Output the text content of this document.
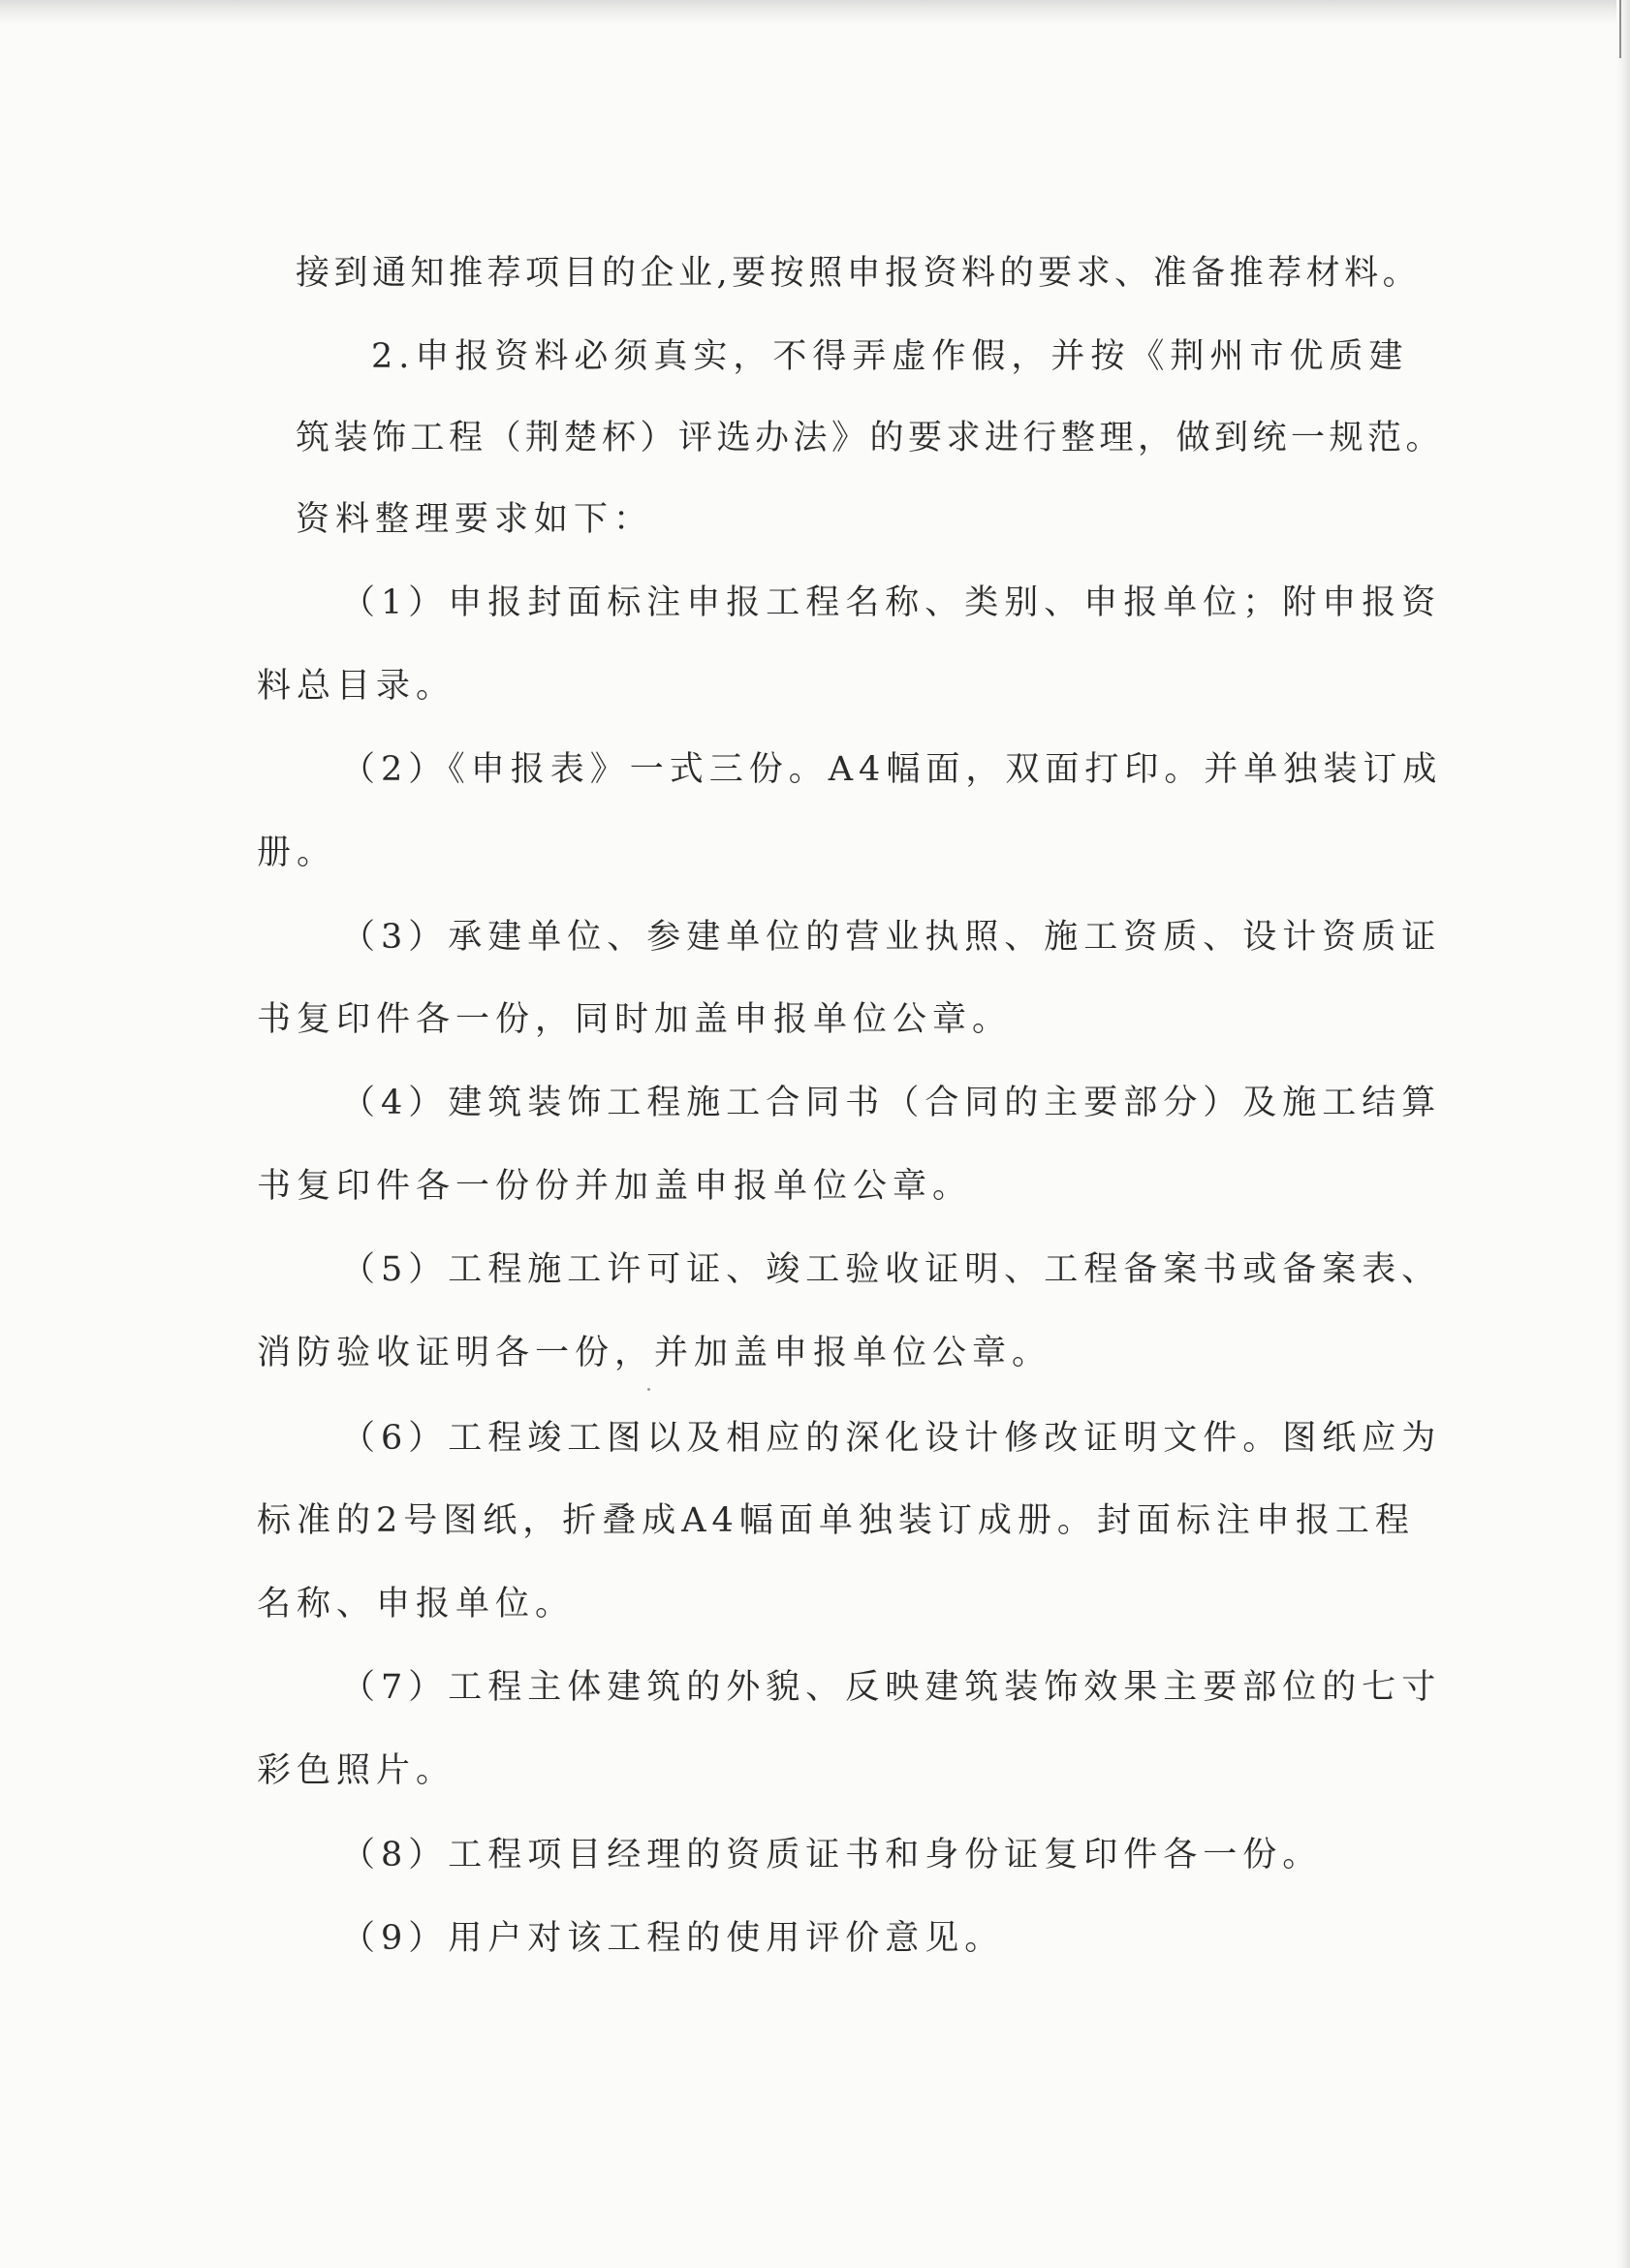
接到通知推荐项目的企业,要按照申报资料的要求、准备推荐材料。

2.申报资料必须真实，不得弄虚作假，并按《荆州市优质建

筑装饰工程（荆楚杯）评选办法》的要求进行整理，做到统一规范。

资料整理要求如下：

（1）申报封面标注申报工程名称、类别、申报单位；附申报资

料总目录。

（2）《申报表》一式三份。A4幅面，双面打印。并单独装订成

册。

（3）承建单位、参建单位的营业执照、施工资质、设计资质证

书复印件各一份，同时加盖申报单位公章。

（4）建筑装饰工程施工合同书（合同的主要部分）及施工结算

书复印件各一份份并加盖申报单位公章。

（5）工程施工许可证、竣工验收证明、工程备案书或备案表、

消防验收证明各一份，并加盖申报单位公章。

（6）工程竣工图以及相应的深化设计修改证明文件。图纸应为

标准的2号图纸，折叠成A4幅面单独装订成册。封面标注申报工程

名称、申报单位。

（7）工程主体建筑的外貌、反映建筑装饰效果主要部位的七寸

彩色照片。

（8）工程项目经理的资质证书和身份证复印件各一份。

（9）用户对该工程的使用评价意见。
